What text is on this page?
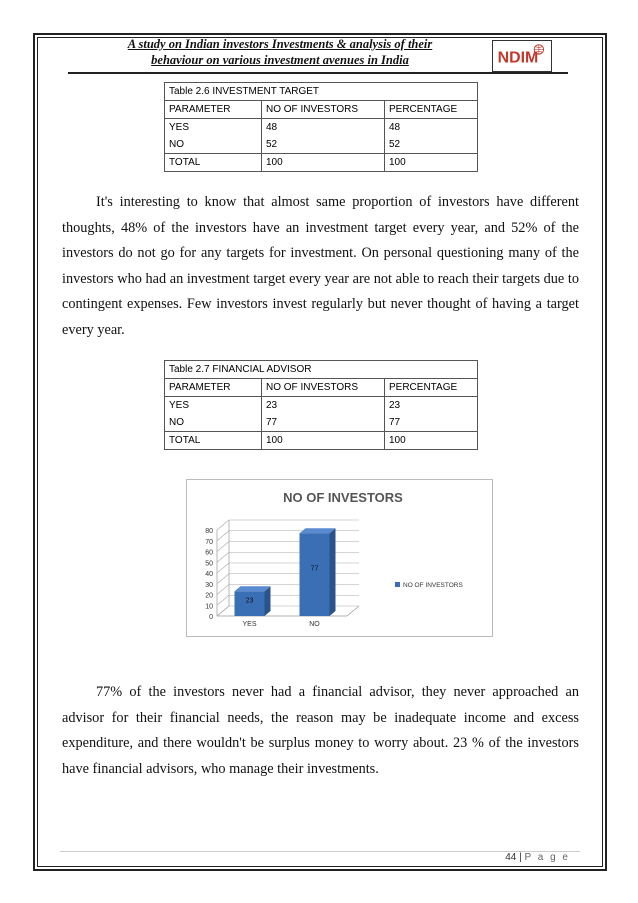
A study on Indian investors Investments & analysis of their
behaviour on various investment avenues in India	NDIM
Table 2.6 INVESTMENT TARGET		
PARAMETER	NO OF INVESTORS	PERCENTAGE
YES	48	48
NO	52	52
TOTAL	100	100
It's interesting to know that almost same proportion of investors have different thoughts, 48% of the investors have an investment target every year, and 52% of the investors do not go for any targets for investment. On personal questioning many of the investors who had an investment target every year are not able to reach their targets due to contingent expenses. Few investors invest regularly but never thought of having a target every year.
Table 2.7 FINANCIAL ADVISOR		
PARAMETER	NO OF INVESTORS	PERCENTAGE
YES	23	23
NO	77	77
TOTAL	100	100
NO OF INVESTORS
0
10
20
30
40
50
60
70
80
23
YES
77
NO
NO OF INVESTORS
77% of the investors never had a financial advisor, they never approached an advisor for their financial needs, the reason may be inadequate income and excess expenditure, and there wouldn't be surplus money to worry about. 23 % of the investors have financial advisors, who manage their investments.
44 | P a g e
